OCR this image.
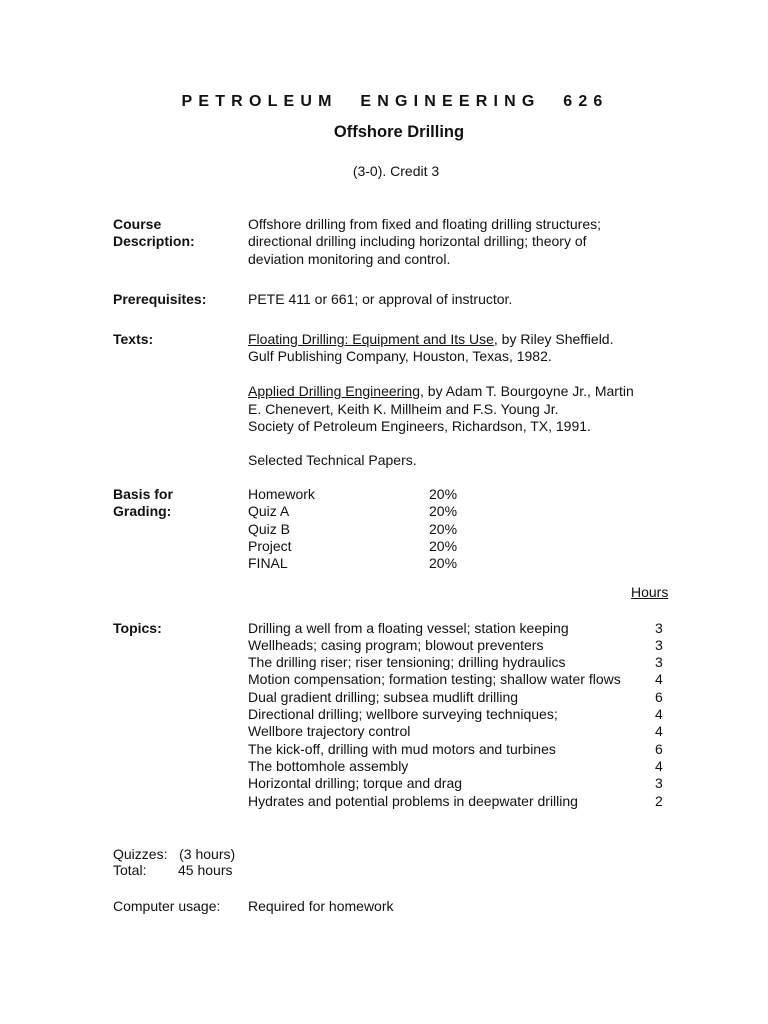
PETROLEUM ENGINEERING 626
Offshore Drilling
(3-0). Credit 3
Course
Description:
Offshore drilling from fixed and floating drilling structures;
directional drilling including horizontal drilling; theory of
deviation monitoring and control.
Prerequisites:	PETE 411 or 661; or approval of instructor.
Texts:	Floating Drilling: Equipment and Its Use, by Riley Sheffield.
Gulf Publishing Company, Houston, Texas, 1982.
Applied Drilling Engineering, by Adam T. Bourgoyne Jr., Martin
E. Chenevert, Keith K. Millheim and F.S. Young Jr.
Society of Petroleum Engineers, Richardson, TX, 1991.
Selected Technical Papers.
Basis for
Grading:
Homework	20%
Quiz A	20%
Quiz B	20%
Project	20%
FINAL	20%
Hours
Topics:	Drilling a well from a floating vessel; station keeping	3
Wellheads; casing program; blowout preventers	3
The drilling riser; riser tensioning; drilling hydraulics	3
Motion compensation; formation testing; shallow water flows 4
Dual gradient drilling; subsea mudlift drilling	6
Directional drilling; wellbore surveying techniques;	4
Wellbore trajectory control	4
The kick-off, drilling with mud motors and turbines	6
The bottomhole assembly	4
Horizontal drilling; torque and drag	3
Hydrates and potential problems in deepwater drilling	2
Quizzes:   (3 hours)
Total: 45 hours
Computer usage: Required for homework
